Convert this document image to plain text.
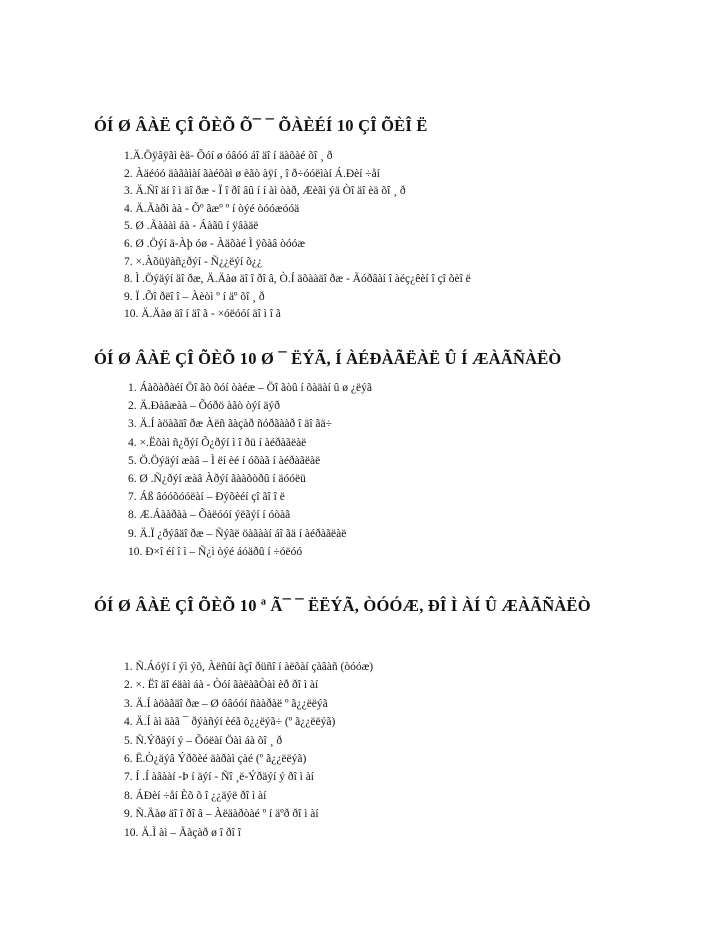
ÓÍ Ø ÂÀË ÇÎ ÕÈÕ Õ¯ ¯ ÕÀÈÉÍ 10 ÇÎ ÕÈÎ Ë
1.Ä.Öÿâÿãì èä- Õóí ø óâóó áî äî í äàõàé õî ¸ ð
2. Àäéóó äàãàìàí ãàéõàì ø èãò àÿí , î ð÷óóëìàí Á.Ðèí ÷åí
3. Ä.Ñî äí î ì äî ðæ - Ï î ðî âû í í àì òàð, Æèãì ýä Òî äî èä õî ¸ ð
4. Ä.Ãàðì àà - Õº ãæº º í òýé òóóæóóä
5. Ø .Ãàààì áà - Áàãû í ÿâàäë
6. Ø .Öýí ä-Àþ óø - Àäõàé Ì ÿõàâ òóóæ
7. ×.Àõüÿàñ¿ðýí - Ñ¿¿ëýí õ¿¿
8. Ì .Öýäýí äî ðæ, Ä.Äàø äî î ðî â, Ò.Í äõààäî ðæ - Ãóðâàí î àéç¿êèí î çî õèî ë
9. Ï .Õî ðëî î – Àèòì º í äº õî ¸ ð
10. Ä.Äàø äî í äî ã - ×óëóóí äî ì î ã
ÓÍ Ø ÂÀË ÇÎ ÕÈÕ 10 Ø ¯ ËÝÃ, Í ÀÉÐÀÃËÀË Û Í ÆÀÃÑÀËÒ
1. Áàõàðàéí Öî ãò õóí òàéæ – Öî ãòû í õàäàí û ø ¿ëýã
2. Ä.Ðàâæàà – Õóðö àãò òýí äýð
3. Ä.Í àöàãäî ðæ Àëñ ãàçàð ñóðãààð î äî ãä÷
4. ×.Ëõàì ñ¿ðýí Õ¿ðýí ì î ðü í àéðàãëàë
5. Ö.Öýäýí æàâ – Ì ëí èé í óõàã í àéðàãëàë
6. Ø .Ñ¿ðýí æàâ Àðýí ãààõòðû í äóóëü
7. Áß âóóõóóëàí – Ðýõèéí çî ãî î ë
8. Æ.Áààðàà – Õàëóóí ýëãýí í óòàã
9. Ä.Ï ¿ðýâäî ðæ – Ñýãë öàãààí áî ãä í àéðàãëàë
10. Ð×î éí î ì – Ñ¿ì òýé áóäðû í ÷óëóó
ÓÍ Ø ÂÀË ÇÎ ÕÈÕ 10 ª Ã¯ ¯ ËËÝÃ, ÒÓÓÆ, ÐÎ Ì ÀÍ Û ÆÀÃÑÀËÒ
1. Ñ.Áóÿí í ýì ýõ, Àëñûí ãçî ðüñî í àëõàí çàâàñ (òóóæ)
2. ×. Ëî äî éäàì áà - Òóí ãàëàãÒàì èð ðî ì àí
3. Ä.Í àöàãäî ðæ – Ø óâóóí ñààðàë º ã¿¿ëëýã
4. Ä.Í àì äàã ¯ ðýàñýí èéã õ¿¿ëýã÷ (º ã¿¿ëëýã)
5. Ñ.Ýðäýí ý – Õóëàí Öàì áà õî ¸ ð
6. Ë.Ò¿äýâ Ýðõèé äàðàì çàé (º ã¿¿ëëýã)
7. Í .Í àâààí -Þ í äýí - Ñî ¸ë-Ýðäýí ý ðî ì àí
8. ÁÐèí ÷åí Èõ õ î ¿¿äýë ðî ì àí
9. Ñ.Äàø äî î ðî â – Àëäàðòàé º í äºð ðî ì àí
10. Ä.Ì àì – Ãàçàð ø î ðî î
